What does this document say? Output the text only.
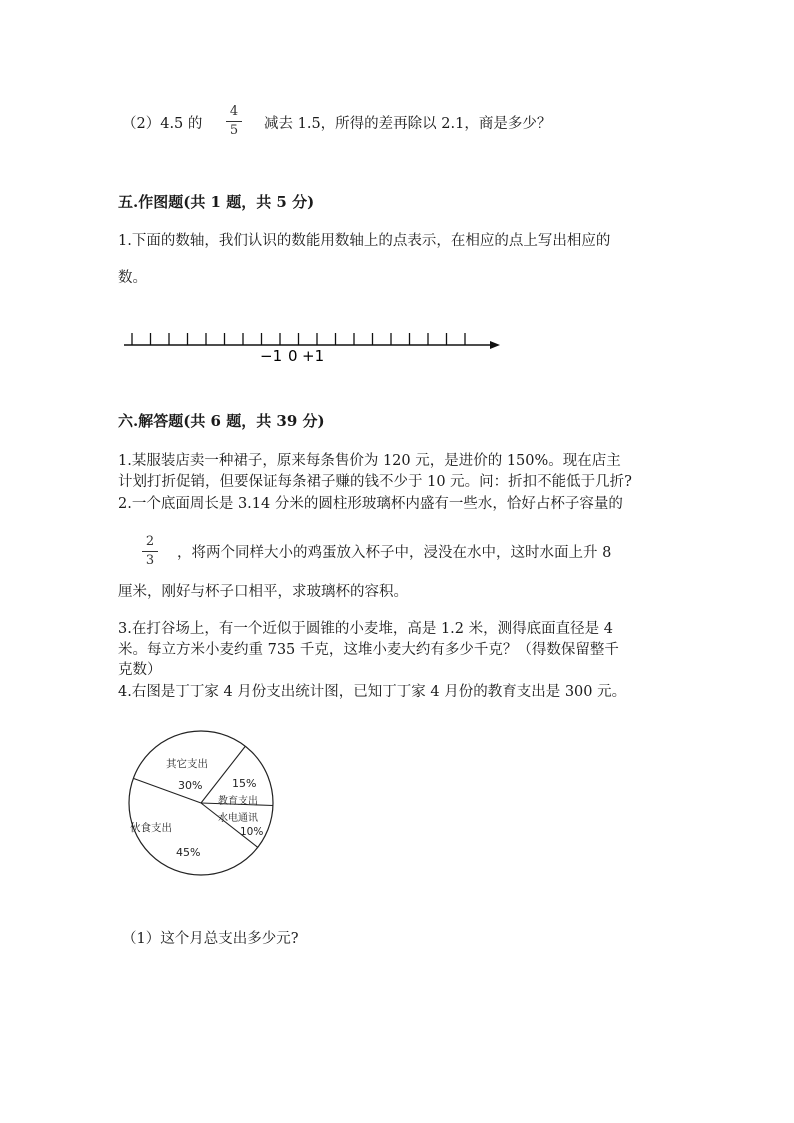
（2）4.5 的
4
5	减去 1.5，所得的差再除以 2.1，商是多少？
五.作图题(共 1 题，共 5 分)
1.下面的数轴，我们认识的数能用数轴上的点表示，在相应的点上写出相应的
数。
−1 0 +1
六.解答题(共 6 题，共 39 分)
1.某服装店卖一种裙子，原来每条售价为 120 元，是进价的 150%。现在店主
计划打折促销，但要保证每条裙子赚的钱不少于 10 元。问：折扣不能低于几折?
2.一个底面周长是 3.14 分米的圆柱形玻璃杯内盛有一些水，恰好占杯子容量的
2
3	，将两个同样大小的鸡蛋放入杯子中，浸没在水中，这时水面上升 8
厘米，刚好与杯子口相平，求玻璃杯的容积。
3.在打谷场上，有一个近似于圆锥的小麦堆，高是 1.2 米，测得底面直径是 4
米。每立方米小麦约重 735 千克，这堆小麦大约有多少千克？（得数保留整千
克数）
4.右图是丁丁家 4 月份支出统计图，已知丁丁家 4 月份的教育支出是 300 元。
其它支出
30%	15%
教育支出
水电通讯
10%
伙食支出
45%
（1）这个月总支出多少元?
